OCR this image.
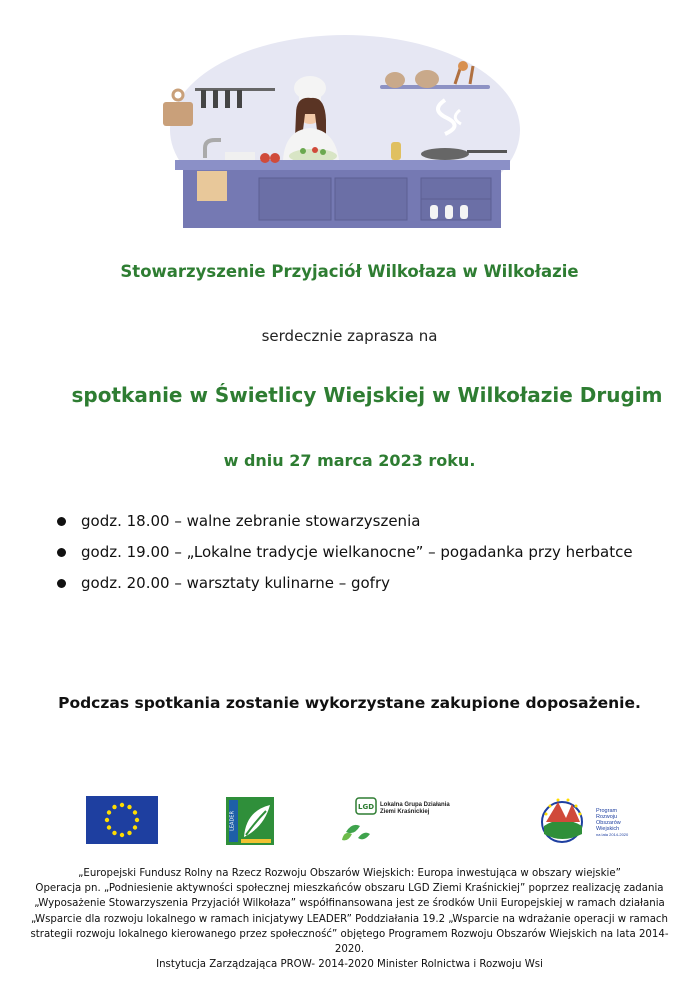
Stowarzyszenie Przyjaciół Wilkołaza w Wilkołazie
serdecznie zaprasza na
spotkanie w Świetlicy Wiejskiej w Wilkołazie Drugim
w dniu 27 marca 2023 roku.
godz. 18.00 – walne zebranie stowarzyszenia
godz. 19.00 – „Lokalne tradycje wielkanocne” – pogadanka przy herbatce
godz. 20.00 – warsztaty kulinarne – gofry
Podczas spotkania zostanie wykorzystane zakupione doposażenie.
LEADER
LGD Lokalna Grupa Działania
Ziemi Kraśnickiej	Program
Rozwoju
Obszarów
Wiejskich
na lata 2014-2020
„Europejski Fundusz Rolny na Rzecz Rozwoju Obszarów Wiejskich: Europa inwestująca w obszary wiejskie”
Operacja pn. „Podniesienie aktywności społecznej mieszkańców obszaru LGD Ziemi Kraśnickiej” poprzez realizację zadania
„Wyposażenie Stowarzyszenia Przyjaciół Wilkołaza” współfinansowana jest ze środków Unii Europejskiej w ramach działania
„Wsparcie dla rozwoju lokalnego w ramach inicjatywy LEADER” Poddziałania 19.2 „Wsparcie na wdrażanie operacji w ramach
strategii rozwoju lokalnego kierowanego przez społeczność” objętego Programem Rozwoju Obszarów Wiejskich na lata 2014-
2020.
Instytucja Zarządzająca PROW- 2014-2020 Minister Rolnictwa i Rozwoju Wsi
